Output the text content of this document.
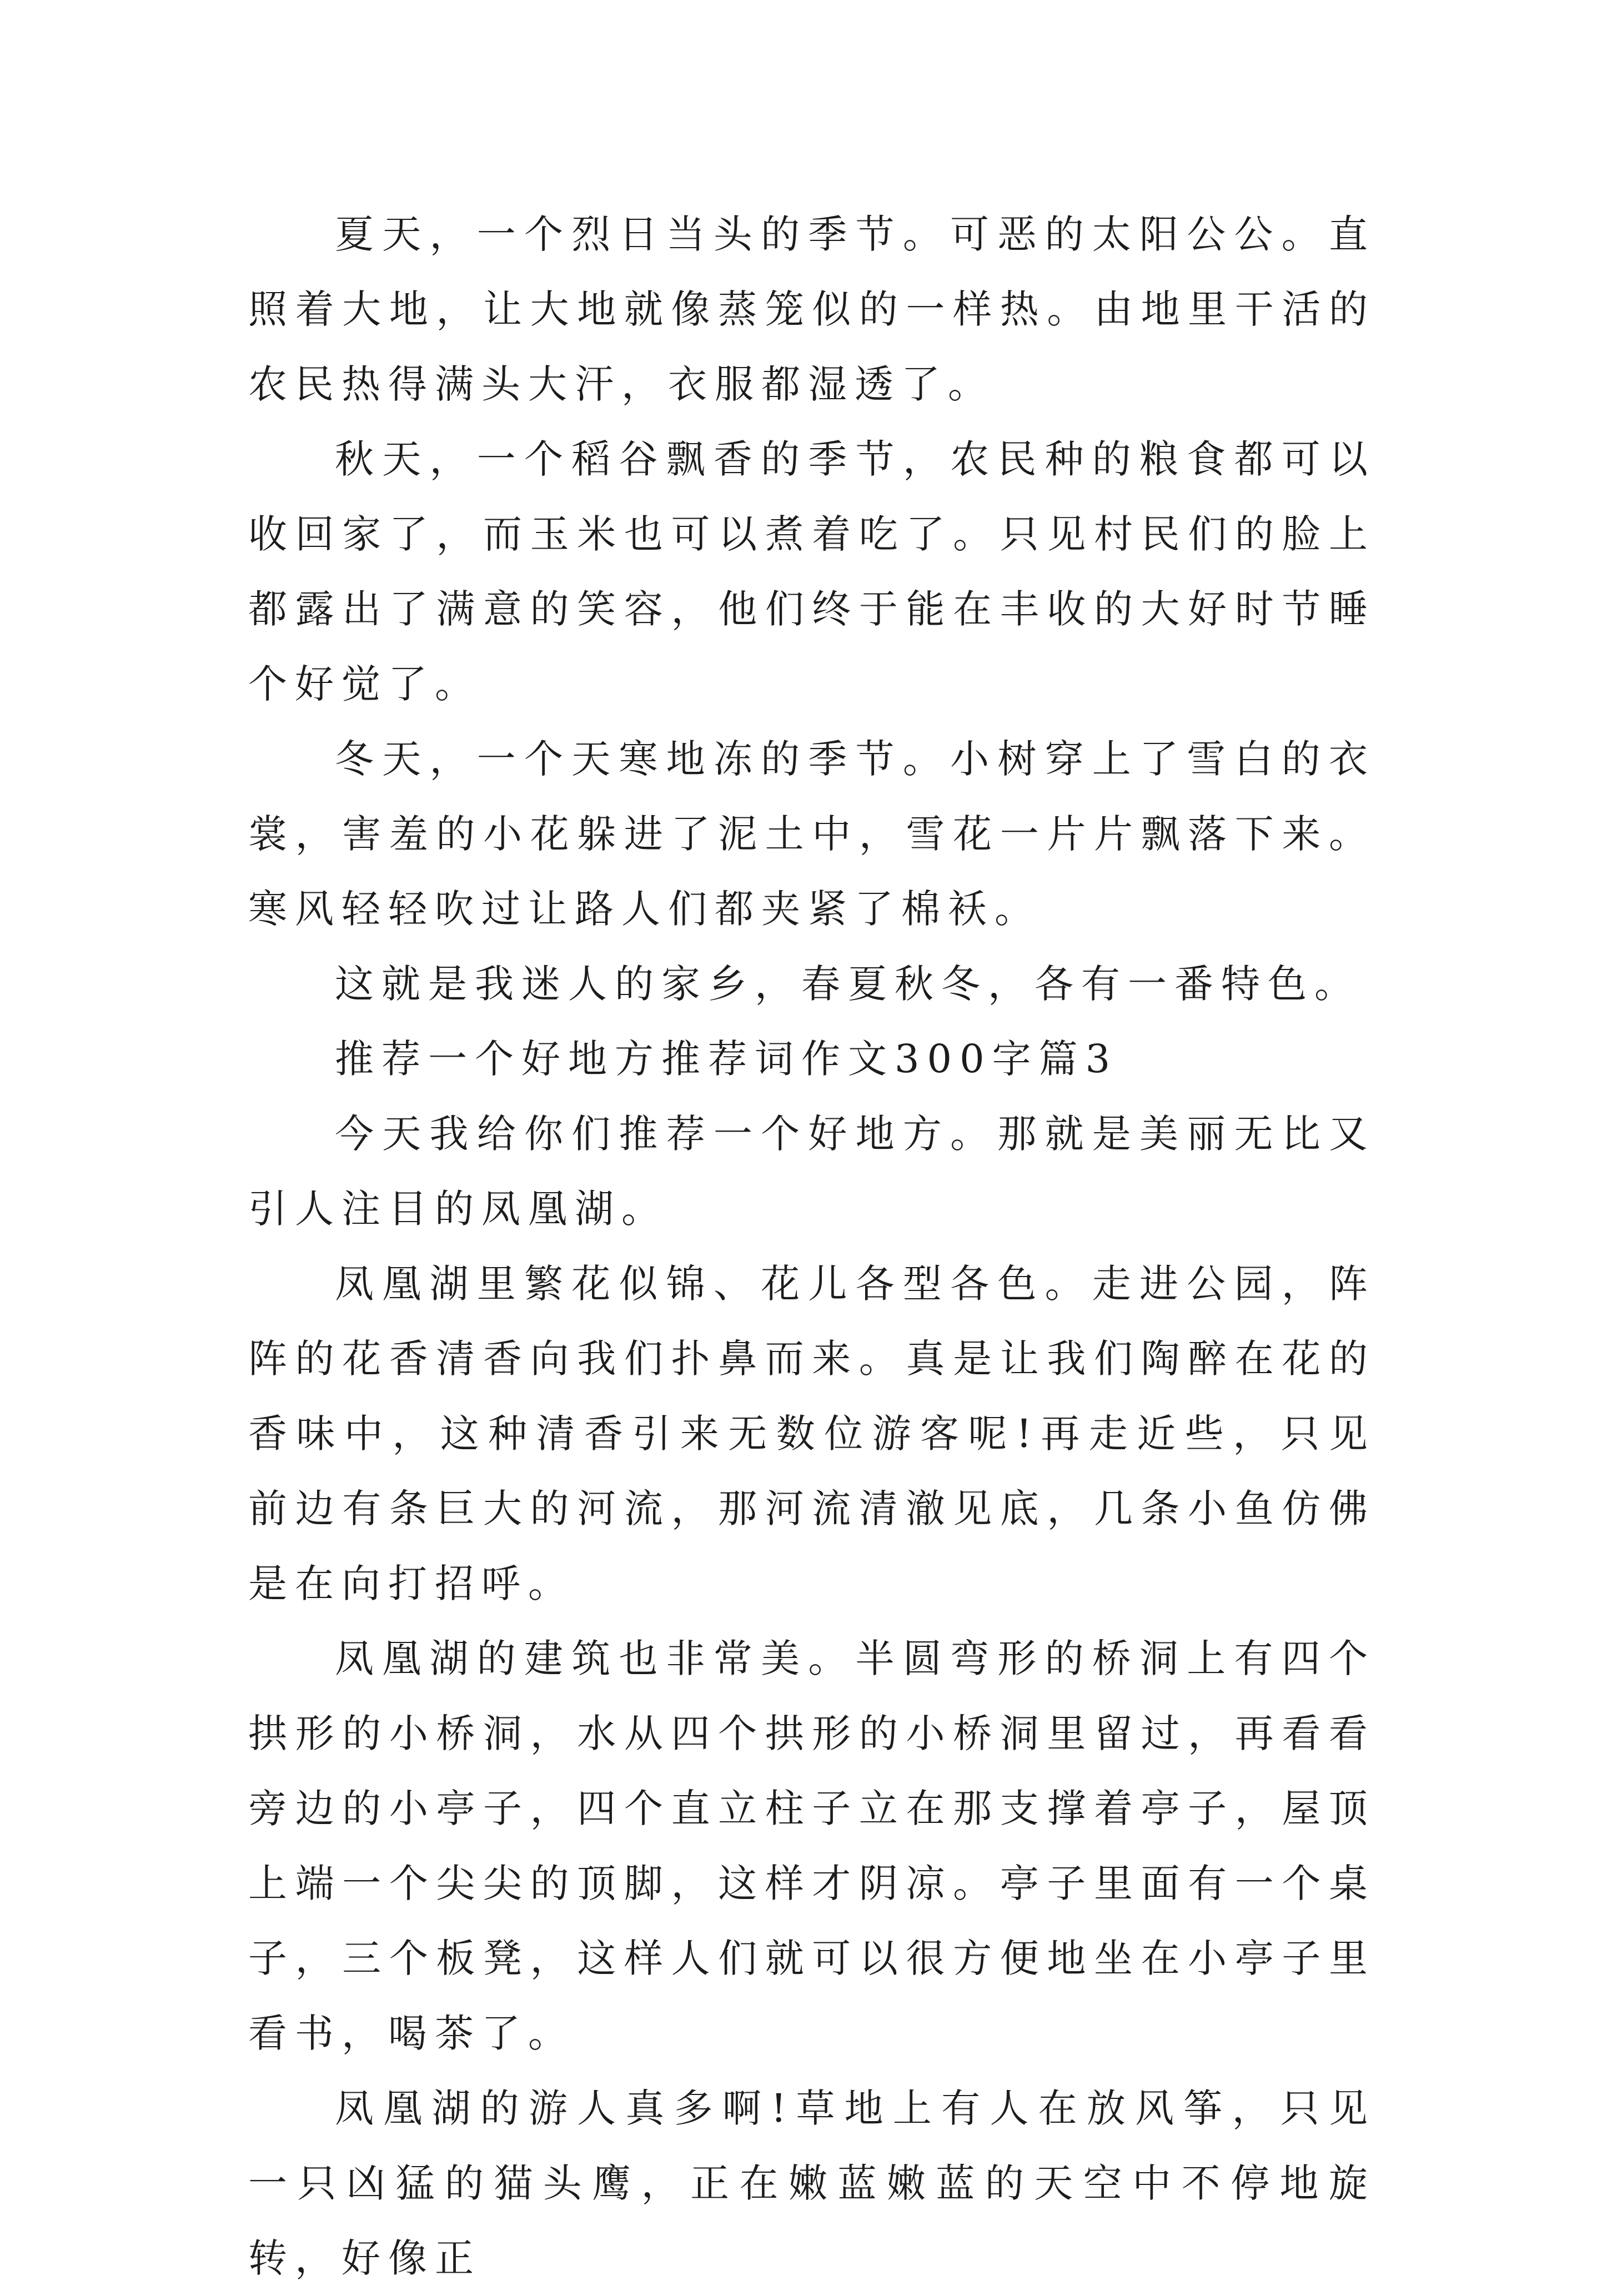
夏天，一个烈日当头的季节。可恶的太阳公公。直照着大地，让大地就像蒸笼似的一样热。由地里干活的农民热得满头大汗，衣服都湿透了。

秋天，一个稻谷飘香的季节，农民种的粮食都可以收回家了，而玉米也可以煮着吃了。只见村民们的脸上都露出了满意的笑容，他们终于能在丰收的大好时节睡个好觉了。

冬天，一个天寒地冻的季节。小树穿上了雪白的衣裳，害羞的小花躲进了泥土中，雪花一片片飘落下来。寒风轻轻吹过让路人们都夹紧了棉袄。

这就是我迷人的家乡，春夏秋冬，各有一番特色。

推荐一个好地方推荐词作文300字篇3

今天我给你们推荐一个好地方。那就是美丽无比又引人注目的凤凰湖。

凤凰湖里繁花似锦、花儿各型各色。走进公园，阵阵的花香清香向我们扑鼻而来。真是让我们陶醉在花的香味中，这种清香引来无数位游客呢!再走近些，只见前边有条巨大的河流，那河流清澈见底，几条小鱼仿佛是在向打招呼。

凤凰湖的建筑也非常美。半圆弯形的桥洞上有四个拱形的小桥洞，水从四个拱形的小桥洞里留过，再看看旁边的小亭子，四个直立柱子立在那支撑着亭子，屋顶上端一个尖尖的顶脚，这样才阴凉。亭子里面有一个桌子，三个板凳，这样人们就可以很方便地坐在小亭子里看书，喝茶了。

凤凰湖的游人真多啊!草地上有人在放风筝，只见一只凶猛的猫头鹰，正在嫩蓝嫩蓝的天空中不停地旋转，好像正
